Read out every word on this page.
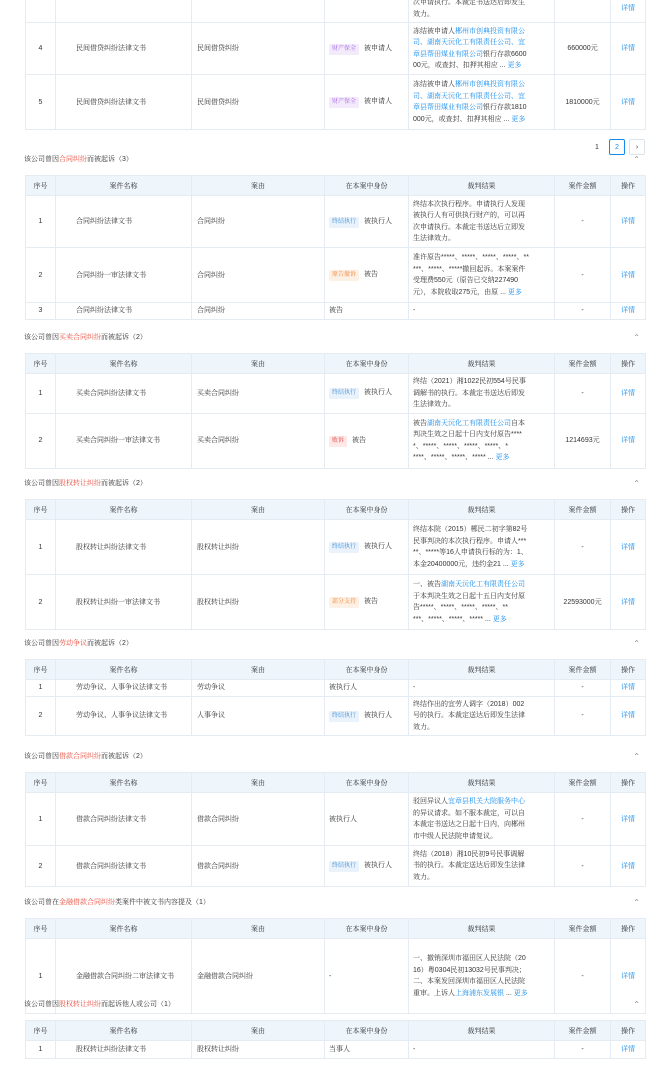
				次申请执行。本裁定书送达后即发生
效力。		详情
4	民间借贷纠纷法律文书	民间借贷纠纷	财产保全 被申请人	冻结被申请人郴州市创典投资有限公
司、湖南天沅化工有限责任公司、宜
章县帮田煤业有限公司银行存款6600
00元，或查封、扣押其相应 ... 更多	660000元	详情
5	民间借贷纠纷法律文书	民间借贷纠纷	财产保全 被申请人	冻结被申请人郴州市创典投资有限公
司、湖南天沅化工有限责任公司、宜
章县帮田煤业有限公司银行存款1810
000元，或查封、扣押其相应 ... 更多	1810000元	详情
1	2	›
该公司曾因合同纠纷而被起诉（3）	⌃
序号	案件名称	案由	在本案中身份	裁判结果	案件金额	操作
1	合同纠纷法律文书	合同纠纷	终结执行 被执行人	终结本次执行程序。申请执行人发现
被执行人有可供执行财产的，可以再
次申请执行。本裁定书送达后立即发
生法律效力。	-	详情
2	合同纠纷一审法律文书	合同纠纷	原告撤诉 被告	准许原告*****、*****、*****、*****、**
***、*****、*****撤回起诉。本案案件
受理费550元（原告已交纳227490
元），本院收取275元，由原 ... 更多	-	详情
3	合同纠纷法律文书	合同纠纷	被告	-	-	详情
该公司曾因买卖合同纠纷而被起诉（2）	⌃
序号	案件名称	案由	在本案中身份	裁判结果	案件金额	操作
1	买卖合同纠纷法律文书	买卖合同纠纷	终结执行 被执行人	终结（2021）湘1022民初554号民事
调解书的执行。本裁定书送达后即发
生法律效力。	-	详情
2	买卖合同纠纷一审法律文书	买卖合同纠纷	败诉 被告	被告湖南天沅化工有限责任公司自本
判决生效之日起十日内支付原告****
*、*****、*****、*****、*****、*
****、*****、*****、***** ... 更多	1214693元	详情
该公司曾因股权转让纠纷而被起诉（2）	⌃
序号	案件名称	案由	在本案中身份	裁判结果	案件金额	操作
1	股权转让纠纷法律文书	股权转让纠纷	终结执行 被执行人	终结本院（2015）郴民二初字第82号
民事判决的本次执行程序。申请人***
**、*****等16人申请执行标的为：1、
本金20400000元，违约金21 ... 更多	-	详情
2	股权转让纠纷一审法律文书	股权转让纠纷	部分支持 被告	一、被告湖南天沅化工有限责任公司
于本判决生效之日起十五日内支付原
告*****、*****、*****、*****、**
***、*****、*****、***** ... 更多	22593000元	详情
该公司曾因劳动争议而被起诉（2）	⌃
序号	案件名称	案由	在本案中身份	裁判结果	案件金额	操作
1	劳动争议、人事争议法律文书	劳动争议	被执行人	-	-	详情
2	劳动争议、人事争议法律文书	人事争议	终结执行 被执行人	终结作出的宜劳人调字（2018）002
号的执行。本裁定送达后即发生法律
效力。	-	详情
该公司曾因借款合同纠纷而被起诉（2）	⌃
序号	案件名称	案由	在本案中身份	裁判结果	案件金额	操作
1	借款合同纠纷法律文书	借款合同纠纷	被执行人	驳回异议人宜章县机关大院服务中心
的异议请求。如不服本裁定，可以自
本裁定书送达之日起十日内，向郴州
市中级人民法院申请复议。	-	详情
2	借款合同纠纷法律文书	借款合同纠纷	终结执行 被执行人	终结（2018）湘10民初9号民事调解
书的执行。本裁定送达后即发生法律
效力。	-	详情
该公司曾在金融借款合同纠纷类案件中被文书内容提及（1）	⌃
序号	案件名称	案由	在本案中身份	裁判结果	案件金额	操作
1	金融借款合同纠纷二审法律文书	金融借款合同纠纷	-	一、撤销深圳市福田区人民法院（20
16）粤0304民初13032号民事判决；
二、本案发回深圳市福田区人民法院
重审。上诉人上海浦东发展银 ... 更多	-	详情
该公司曾因股权转让纠纷而起诉他人或公司（1）	⌃
序号	案件名称	案由	在本案中身份	裁判结果	案件金额	操作
1	股权转让纠纷法律文书	股权转让纠纷	当事人	-	-	详情
